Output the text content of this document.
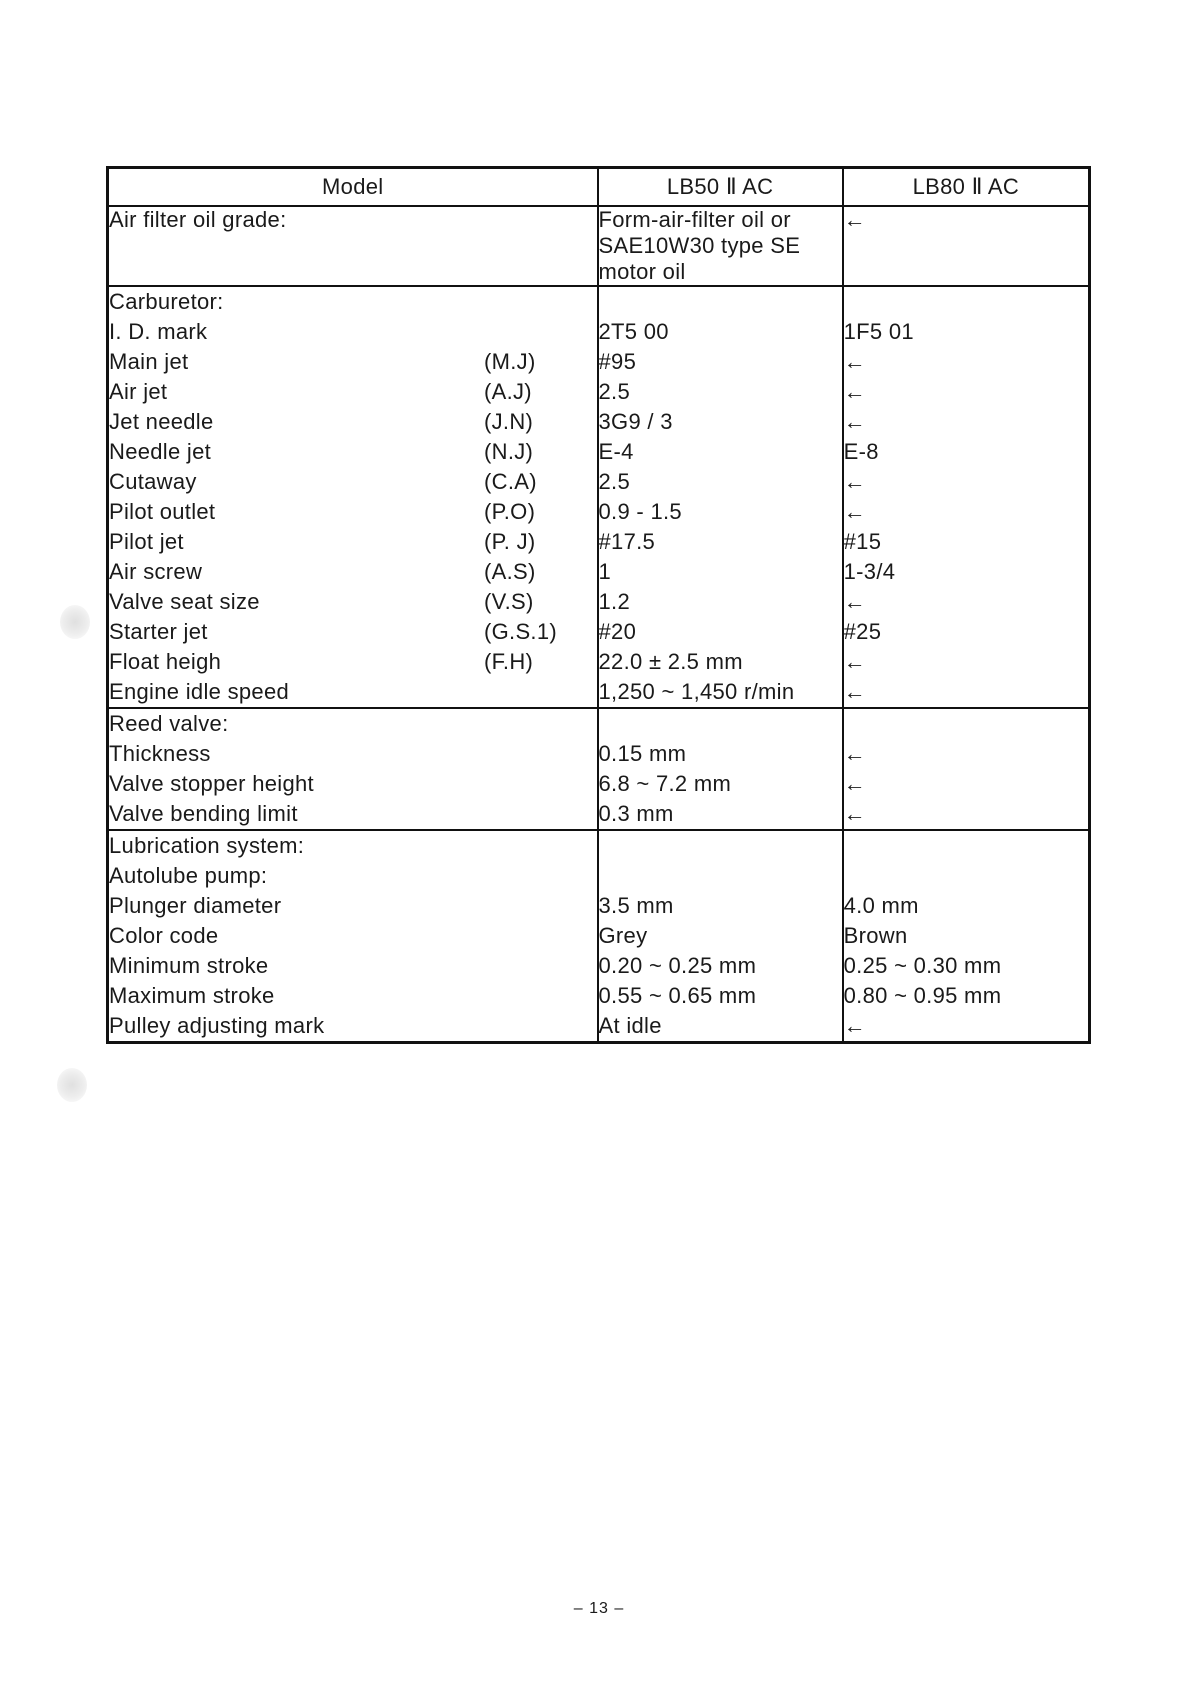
Model	LB50 Ⅱ AC	LB80 Ⅱ AC
Air filter oil grade:	Form-air-filter oil or
SAE10W30 type SE
motor oil	←
Carburetor:		
I. D. mark	2T5 00	1F5 01
Main jet (M.J)	#95	←
Air jet (A.J)	2.5	←
Jet needle (J.N)	3G9 / 3	←
Needle jet (N.J)	E-4	E-8
Cutaway (C.A)	2.5	←
Pilot outlet (P.O)	0.9 - 1.5	←
Pilot jet (P. J)	#17.5	#15
Air screw (A.S)	1	1-3/4
Valve seat size (V.S)	1.2	←
Starter jet (G.S.1)	#20	#25
Float heigh (F.H)	22.0 ± 2.5 mm	←
Engine idle speed	1,250 ~ 1,450 r/min	←
Reed valve:		
Thickness	0.15 mm	←
Valve stopper height	6.8 ~ 7.2 mm	←
Valve bending limit	0.3 mm	←
Lubrication system:		
Autolube pump:		
Plunger diameter	3.5 mm	4.0 mm
Color code	Grey	Brown
Minimum stroke	0.20 ~ 0.25 mm	0.25 ~ 0.30 mm
Maximum stroke	0.55 ~ 0.65 mm	0.80 ~ 0.95 mm
Pulley adjusting mark	At idle	←
– 13 –
